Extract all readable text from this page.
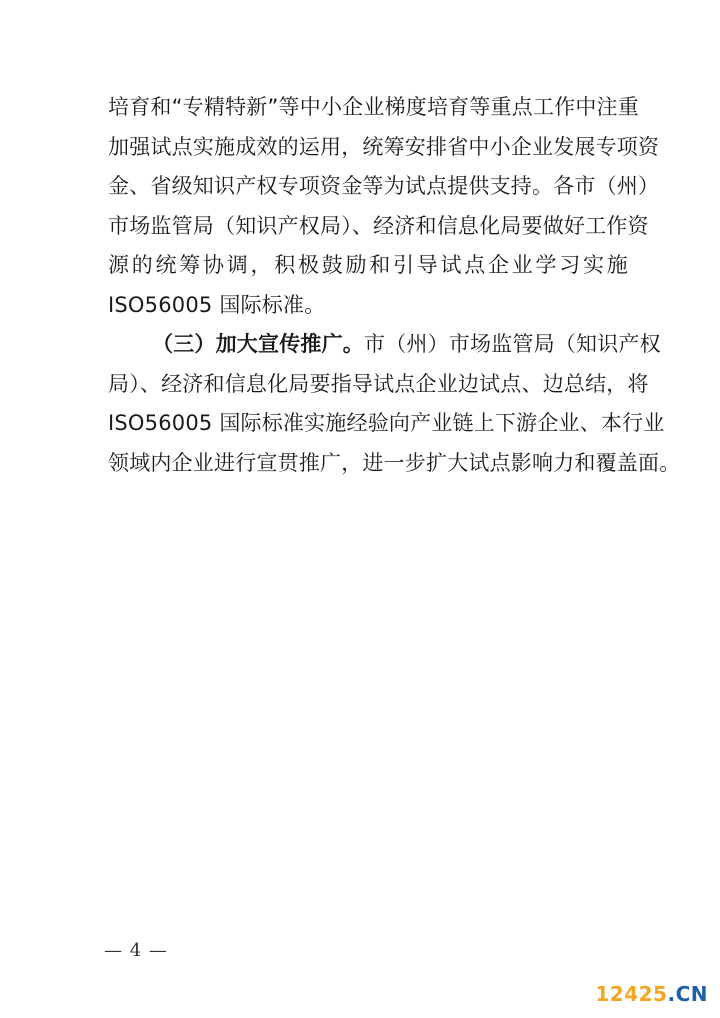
培育和“专精特新”等中小企业梯度培育等重点工作中注重
加强试点实施成效的运用，统筹安排省中小企业发展专项资
金、省级知识产权专项资金等为试点提供支持。各市（州）
市场监管局（知识产权局）、经济和信息化局要做好工作资
源的统筹协调，积极鼓励和引导试点企业学习实施
ISO56005 国际标准。
（三）加大宣传推广。市（州）市场监管局（知识产权
局）、经济和信息化局要指导试点企业边试点、边总结，将
ISO56005 国际标准实施经验向产业链上下游企业、本行业
领域内企业进行宣贯推广，进一步扩大试点影响力和覆盖面。
— 4 —
12425.CN
